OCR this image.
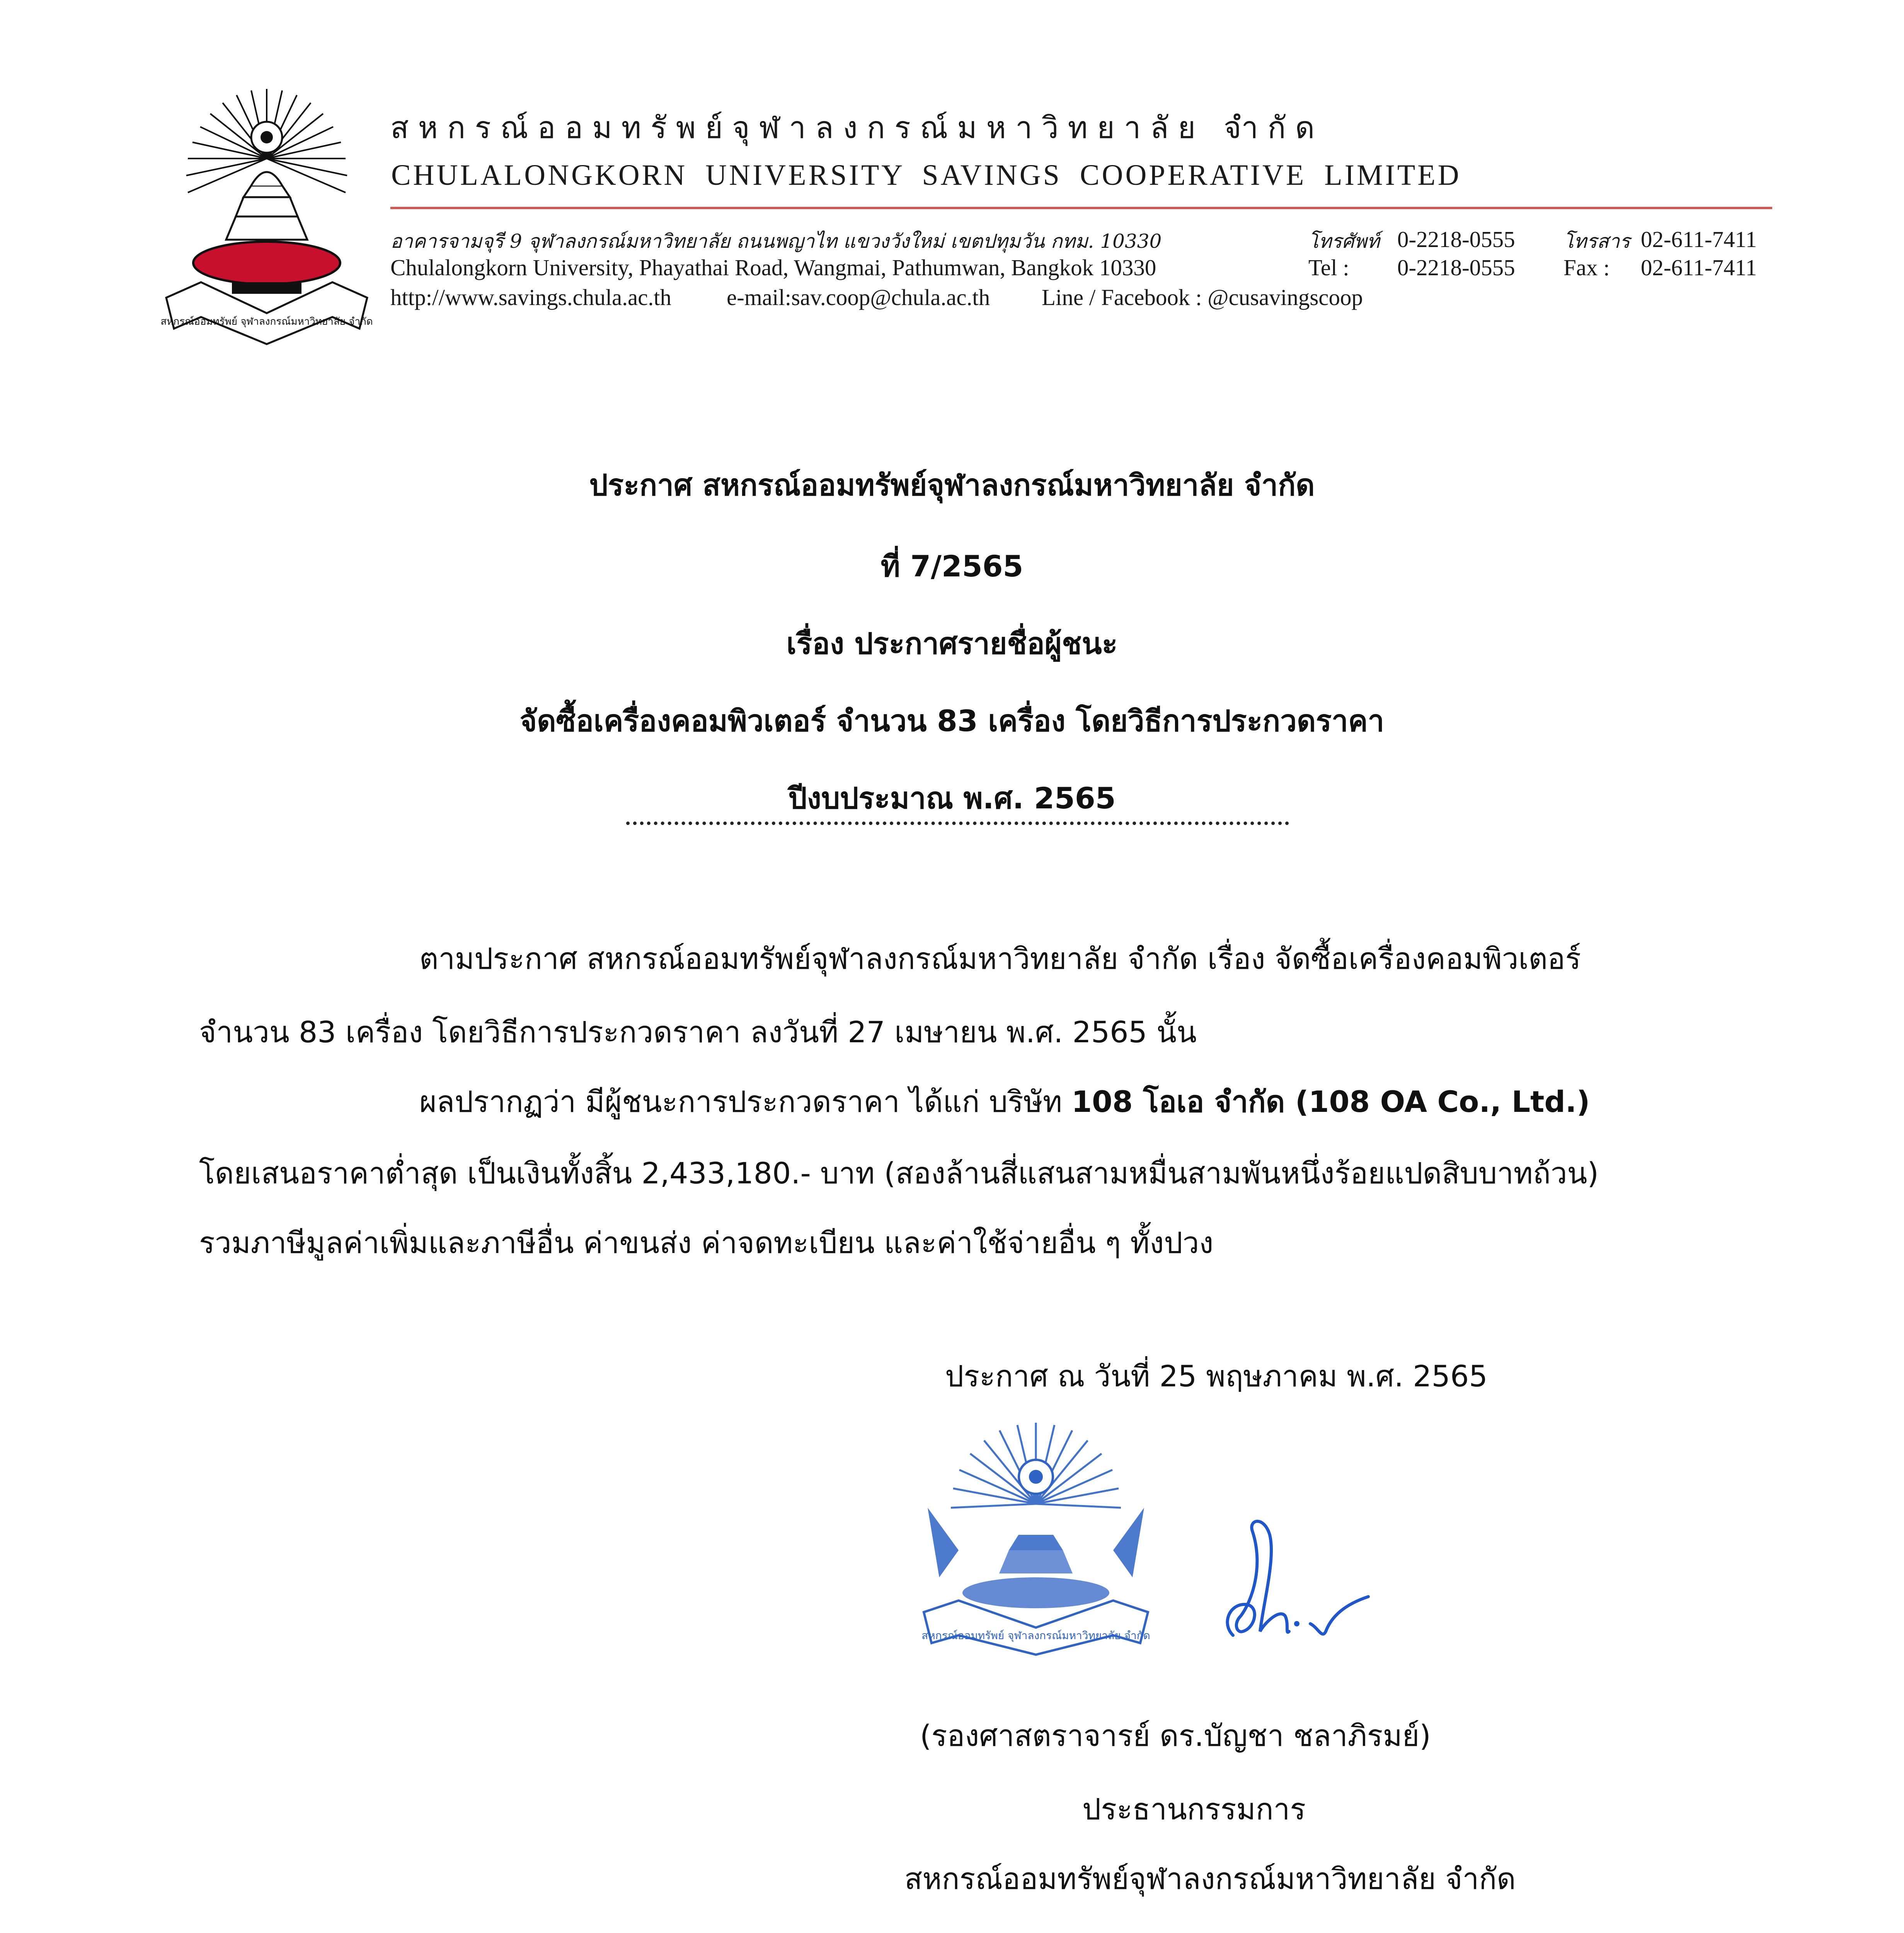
สหกรณ์ออมทรัพย์ จุฬาลงกรณ์มหาวิทยาลัย จำกัด
สหกรณ์ออมทรัพย์จุฬาลงกรณ์มหาวิทยาลัย จำกัด
CHULALONGKORN UNIVERSITY SAVINGS COOPERATIVE LIMITED
อาคารจามจุรี 9 จุฬาลงกรณ์มหาวิทยาลัย ถนนพญาไท แขวงวังใหม่ เขตปทุมวัน กทม. 10330
Chulalongkorn University, Phayathai Road, Wangmai, Pathumwan, Bangkok 10330
http://www.savings.chula.ac.th e-mail:sav.coop@chula.ac.th Line / Facebook : @cusavingscoop
โทรศัพท์ 0-2218-0555	โทรสาร 02-611-7411
Tel : 0-2218-0555 Fax : 02-611-7411
ประกาศ สหกรณ์ออมทรัพย์จุฬาลงกรณ์มหาวิทยาลัย จำกัด
ที่ 7/2565
เรื่อง ประกาศรายชื่อผู้ชนะ
จัดซื้อเครื่องคอมพิวเตอร์ จำนวน 83 เครื่อง โดยวิธีการประกวดราคา
ปีงบประมาณ พ.ศ. 2565
ตามประกาศ สหกรณ์ออมทรัพย์จุฬาลงกรณ์มหาวิทยาลัย จำกัด เรื่อง จัดซื้อเครื่องคอมพิวเตอร์
จำนวน 83 เครื่อง โดยวิธีการประกวดราคา ลงวันที่ 27 เมษายน พ.ศ. 2565 นั้น
ผลปรากฏว่า มีผู้ชนะการประกวดราคา ได้แก่ บริษัท 108 โอเอ จำกัด (108 OA Co., Ltd.)
โดยเสนอราคาต่ำสุด เป็นเงินทั้งสิ้น 2,433,180.- บาท (สองล้านสี่แสนสามหมื่นสามพันหนึ่งร้อยแปดสิบบาทถ้วน)
รวมภาษีมูลค่าเพิ่มและภาษีอื่น ค่าขนส่ง ค่าจดทะเบียน และค่าใช้จ่ายอื่น ๆ ทั้งปวง
ประกาศ ณ วันที่ 25 พฤษภาคม พ.ศ. 2565
สหกรณ์ออมทรัพย์ จุฬาลงกรณ์มหาวิทยาลัย จำกัด
(รองศาสตราจารย์ ดร.บัญชา ชลาภิรมย์)
ประธานกรรมการ
สหกรณ์ออมทรัพย์จุฬาลงกรณ์มหาวิทยาลัย จำกัด
